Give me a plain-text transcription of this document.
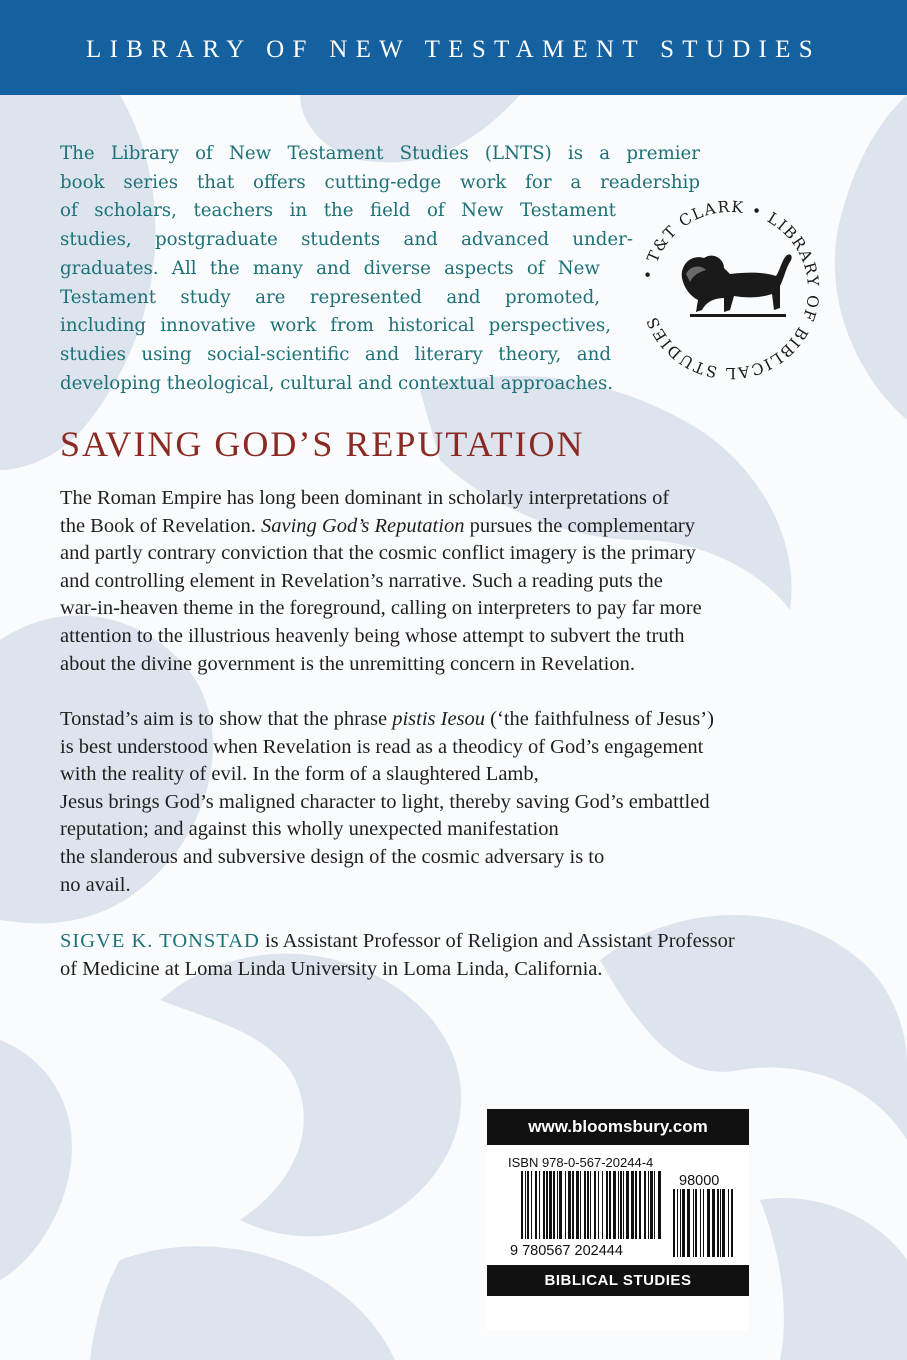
LIBRARY OF NEW TESTAMENT STUDIES

The Library of New Testament Studies (LNTS) is a premier
book series that offers cutting-edge work for a readership
of scholars, teachers in the field of New Testament
studies, postgraduate students and advanced under-
graduates. All the many and diverse aspects of New
Testament study are represented and promoted,
including innovative work from historical perspectives,
studies using social-scientific and literary theory, and
developing theological, cultural and contextual approaches.

• T&T CLARK • LIBRARY OF BIBLICAL STUDIES
SAVING GOD’S REPUTATION

The Roman Empire has long been dominant in scholarly interpretations of
the Book of Revelation. Saving God’s Reputation pursues the complementary
and partly contrary conviction that the cosmic conflict imagery is the primary
and controlling element in Revelation’s narrative. Such a reading puts the
war-in-heaven theme in the foreground, calling on interpreters to pay far more
attention to the illustrious heavenly being whose attempt to subvert the truth
about the divine government is the unremitting concern in Revelation.

Tonstad’s aim is to show that the phrase pistis Iesou (‘the faithfulness of Jesus’)
is best understood when Revelation is read as a theodicy of God’s engagement
with the reality of evil. In the form of a slaughtered Lamb,
Jesus brings God’s maligned character to light, thereby saving God’s embattled
reputation; and against this wholly unexpected manifestation
the slanderous and subversive design of the cosmic adversary is to
no avail.

SIGVE K. TONSTAD is Assistant Professor of Religion and Assistant Professor
of Medicine at Loma Linda University in Loma Linda, California.

www.bloomsbury.com
ISBN 978-0-567-20244-4
9 780567 202444
98000
BIBLICAL STUDIES
